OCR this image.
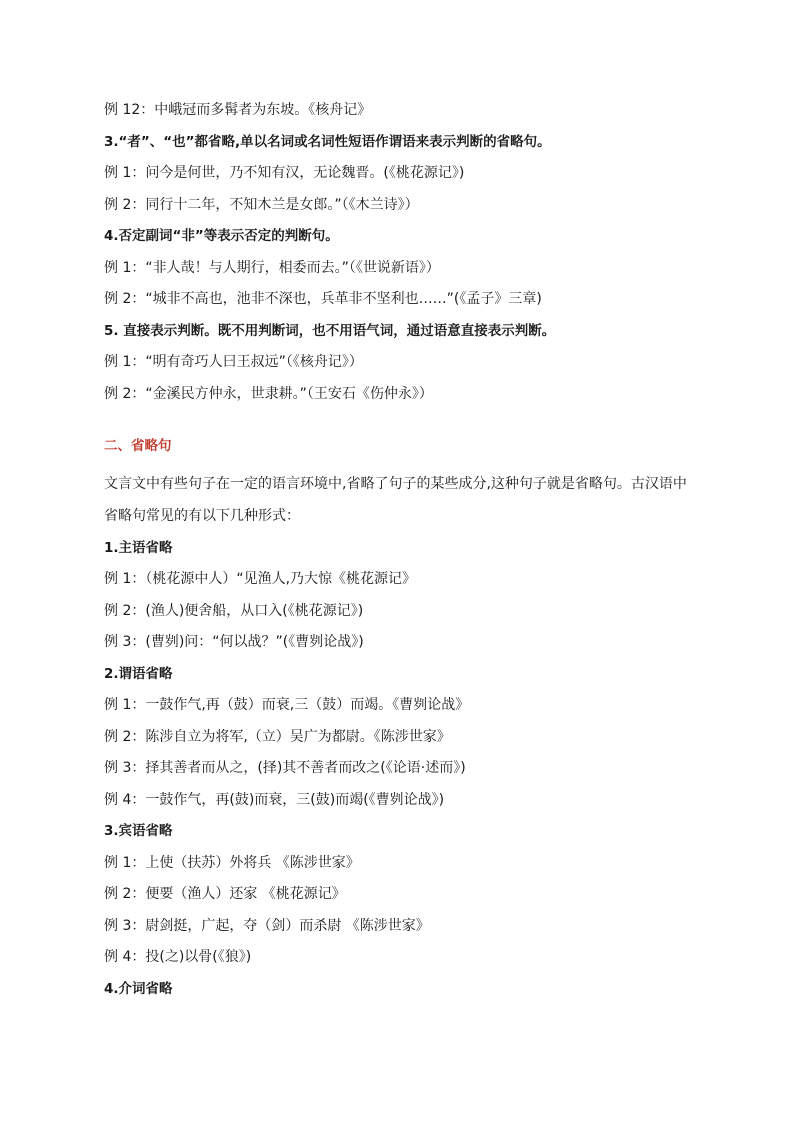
例 12：中峨冠而多髯者为东坡。《核舟记》
3.“者”、“也”都省略,单以名词或名词性短语作谓语来表示判断的省略句。
例 1：问今是何世，乃不知有汉，无论魏晋。(《桃花源记》)
例 2：同行十二年，不知木兰是女郎。”（《木兰诗》）
4.否定副词“非”等表示否定的判断句。
例 1：“非人哉！与人期行，相委而去。”（《世说新语》）
例 2：“城非不高也，池非不深也，兵革非不坚利也……”(《孟子》三章)
5. 直接表示判断。既不用判断词，也不用语气词，通过语意直接表示判断。
例 1：“明有奇巧人曰王叔远”（《核舟记》）
例 2：“金溪民方仲永，世隶耕。”（王安石《伤仲永》）
二、省略句
文言文中有些句子在一定的语言环境中,省略了句子的某些成分,这种句子就是省略句。古汉语中省略句常见的有以下几种形式：
1.主语省略
例 1：（桃花源中人）“见渔人,乃大惊《桃花源记》
例 2：(渔人)便舍船，从口入(《桃花源记》)
例 3：(曹刿)问：“何以战？”(《曹刿论战》)
2.谓语省略
例 1：一鼓作气,再（鼓）而衰,三（鼓）而竭。《曹刿论战》
例 2：陈涉自立为将军,（立）吴广为都尉。《陈涉世家》
例 3：择其善者而从之，(择)其不善者而改之(《论语·述而》)
例 4：一鼓作气，再(鼓)而衰，三(鼓)而竭(《曹刿论战》)
3.宾语省略
例 1：上使（扶苏）外将兵 《陈涉世家》
例 2：便要（渔人）还家 《桃花源记》
例 3：尉剑挺，广起，夺（剑）而杀尉 《陈涉世家》
例 4：投(之)以骨(《狼》)
4.介词省略
